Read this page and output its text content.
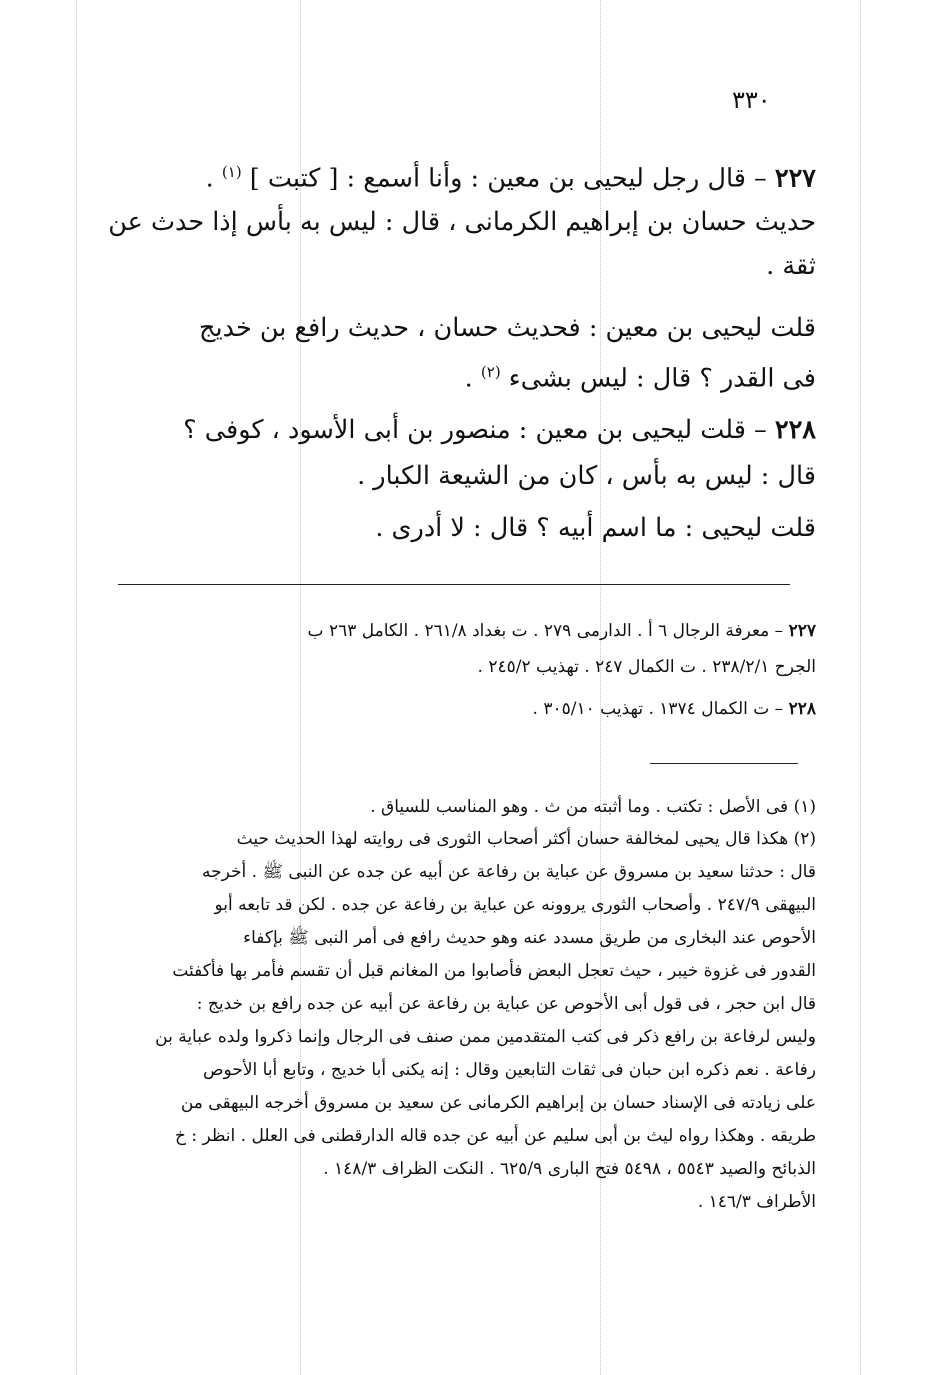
٣٣٠
٢٢٧ – قال رجل ليحيى بن معين : وأنا أسمع : [ كتبت ] $^{(١)}$ .
حديث حسان بن إبراهيم الكرمانى ، قال : ليس به بأس إذا حدث عن
ثقة .
قلت ليحيى بن معين : فحديث حسان ، حديث رافع بن خديج
فى القدر ؟ قال : ليس بشىء $^{(٢)}$ .
٢٢٨ – قلت ليحيى بن معين : منصور بن أبى الأسود ، كوفى ؟
قال : ليس به بأس ، كان من الشيعة الكبار .
قلت ليحيى : ما اسم أبيه ؟ قال : لا أدرى .
٢٢٧ – معرفة الرجال ٦ أ . الدارمى ٢٧٩ . ت بغداد ٢٦١/٨ . الكامل ٢٦٣ ب
الجرح ٢٣٨/٢/١ . ت الكمال ٢٤٧ . تهذيب ٢٤٥/٢ .
٢٢٨ – ت الكمال ١٣٧٤ . تهذيب ٣٠٥/١٠ .
(١) فى الأصل : تكتب . وما أثبته من ث . وهو المناسب للسياق .
(٢) هكذا قال يحيى لمخالفة حسان أكثر أصحاب الثورى فى روايته لهذا الحديث حيث
قال : حدثنا سعيد بن مسروق عن عباية بن رفاعة عن أبيه عن جده عن النبى ﷺ . أخرجه
البيهقى ٢٤٧/٩ . وأصحاب الثورى يروونه عن عباية بن رفاعة عن جده . لكن قد تابعه أبو
الأحوص عند البخارى من طريق مسدد عنه وهو حديث رافع فى أمر النبى ﷺ بإكفاء
القدور فى غزوة خيبر ، حيث تعجل البعض فأصابوا من المغانم قبل أن تقسم فأمر بها فأكفئت
قال ابن حجر ، فى قول أبى الأحوص عن عباية بن رفاعة عن أبيه عن جده رافع بن خديج :
وليس لرفاعة بن رافع ذكر فى كتب المتقدمين ممن صنف فى الرجال وإنما ذكروا ولده عباية بن
رفاعة . نعم ذكره ابن حبان فى ثقات التابعين وقال : إنه يكنى أبا خديج ، وتابع أبا الأحوص
على زيادته فى الإسناد حسان بن إبراهيم الكرمانى عن سعيد بن مسروق أخرجه البيهقى من
طريقه . وهكذا رواه ليث بن أبى سليم عن أبيه عن جده قاله الدارقطنى فى العلل . انظر : خ
الذبائح والصيد ٥٥٤٣ ، ٥٤٩٨ فتح البارى ٦٢٥/٩ . النكت الظراف ١٤٨/٣ .
الأطراف ١٤٦/٣ .
